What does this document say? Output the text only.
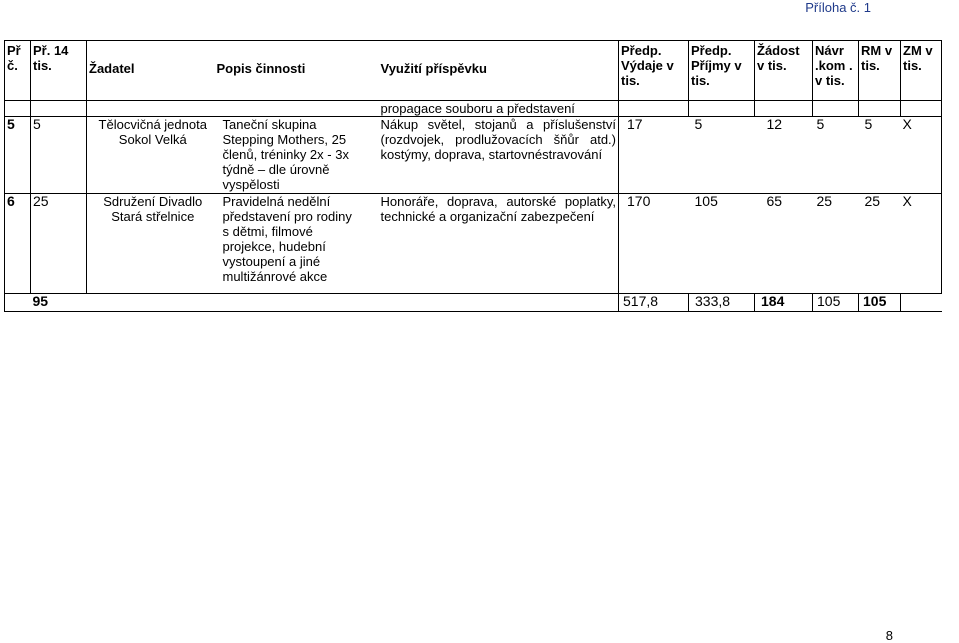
Příloha č. 1
Př č.	Př. 14 tis.	Žadatel	Popis činnosti	Využití příspěvku	Předp. Výdaje v tis.	Předp. Příjmy v tis.	Žádost v tis.	Návr .kom . v tis.	RM v tis.	ZM v tis.
				propagace souboru a představení						
5	5	Tělocvičná jednota Sokol Velká	Taneční skupina Stepping Mothers, 25 členů, tréninky 2x - 3x týdně – dle úrovně vyspělosti	Nákup světel, stojanů a příslušenství (rozdvojek, prodlužovacích šňůr atd.) kostýmy, doprava, startovnéstravování	17	5	12	5	5	X
6	25	Sdružení Divadlo Stará střelnice	Pravidelná nedělní představení pro rodiny s dětmi, filmové projekce, hudební vystoupení a jiné multižánrové akce	Honoráře, doprava, autorské poplatky, technické a organizační zabezpečení	170	105	65	25	25	X
	95				517,8	333,8	184	105	105	
8
